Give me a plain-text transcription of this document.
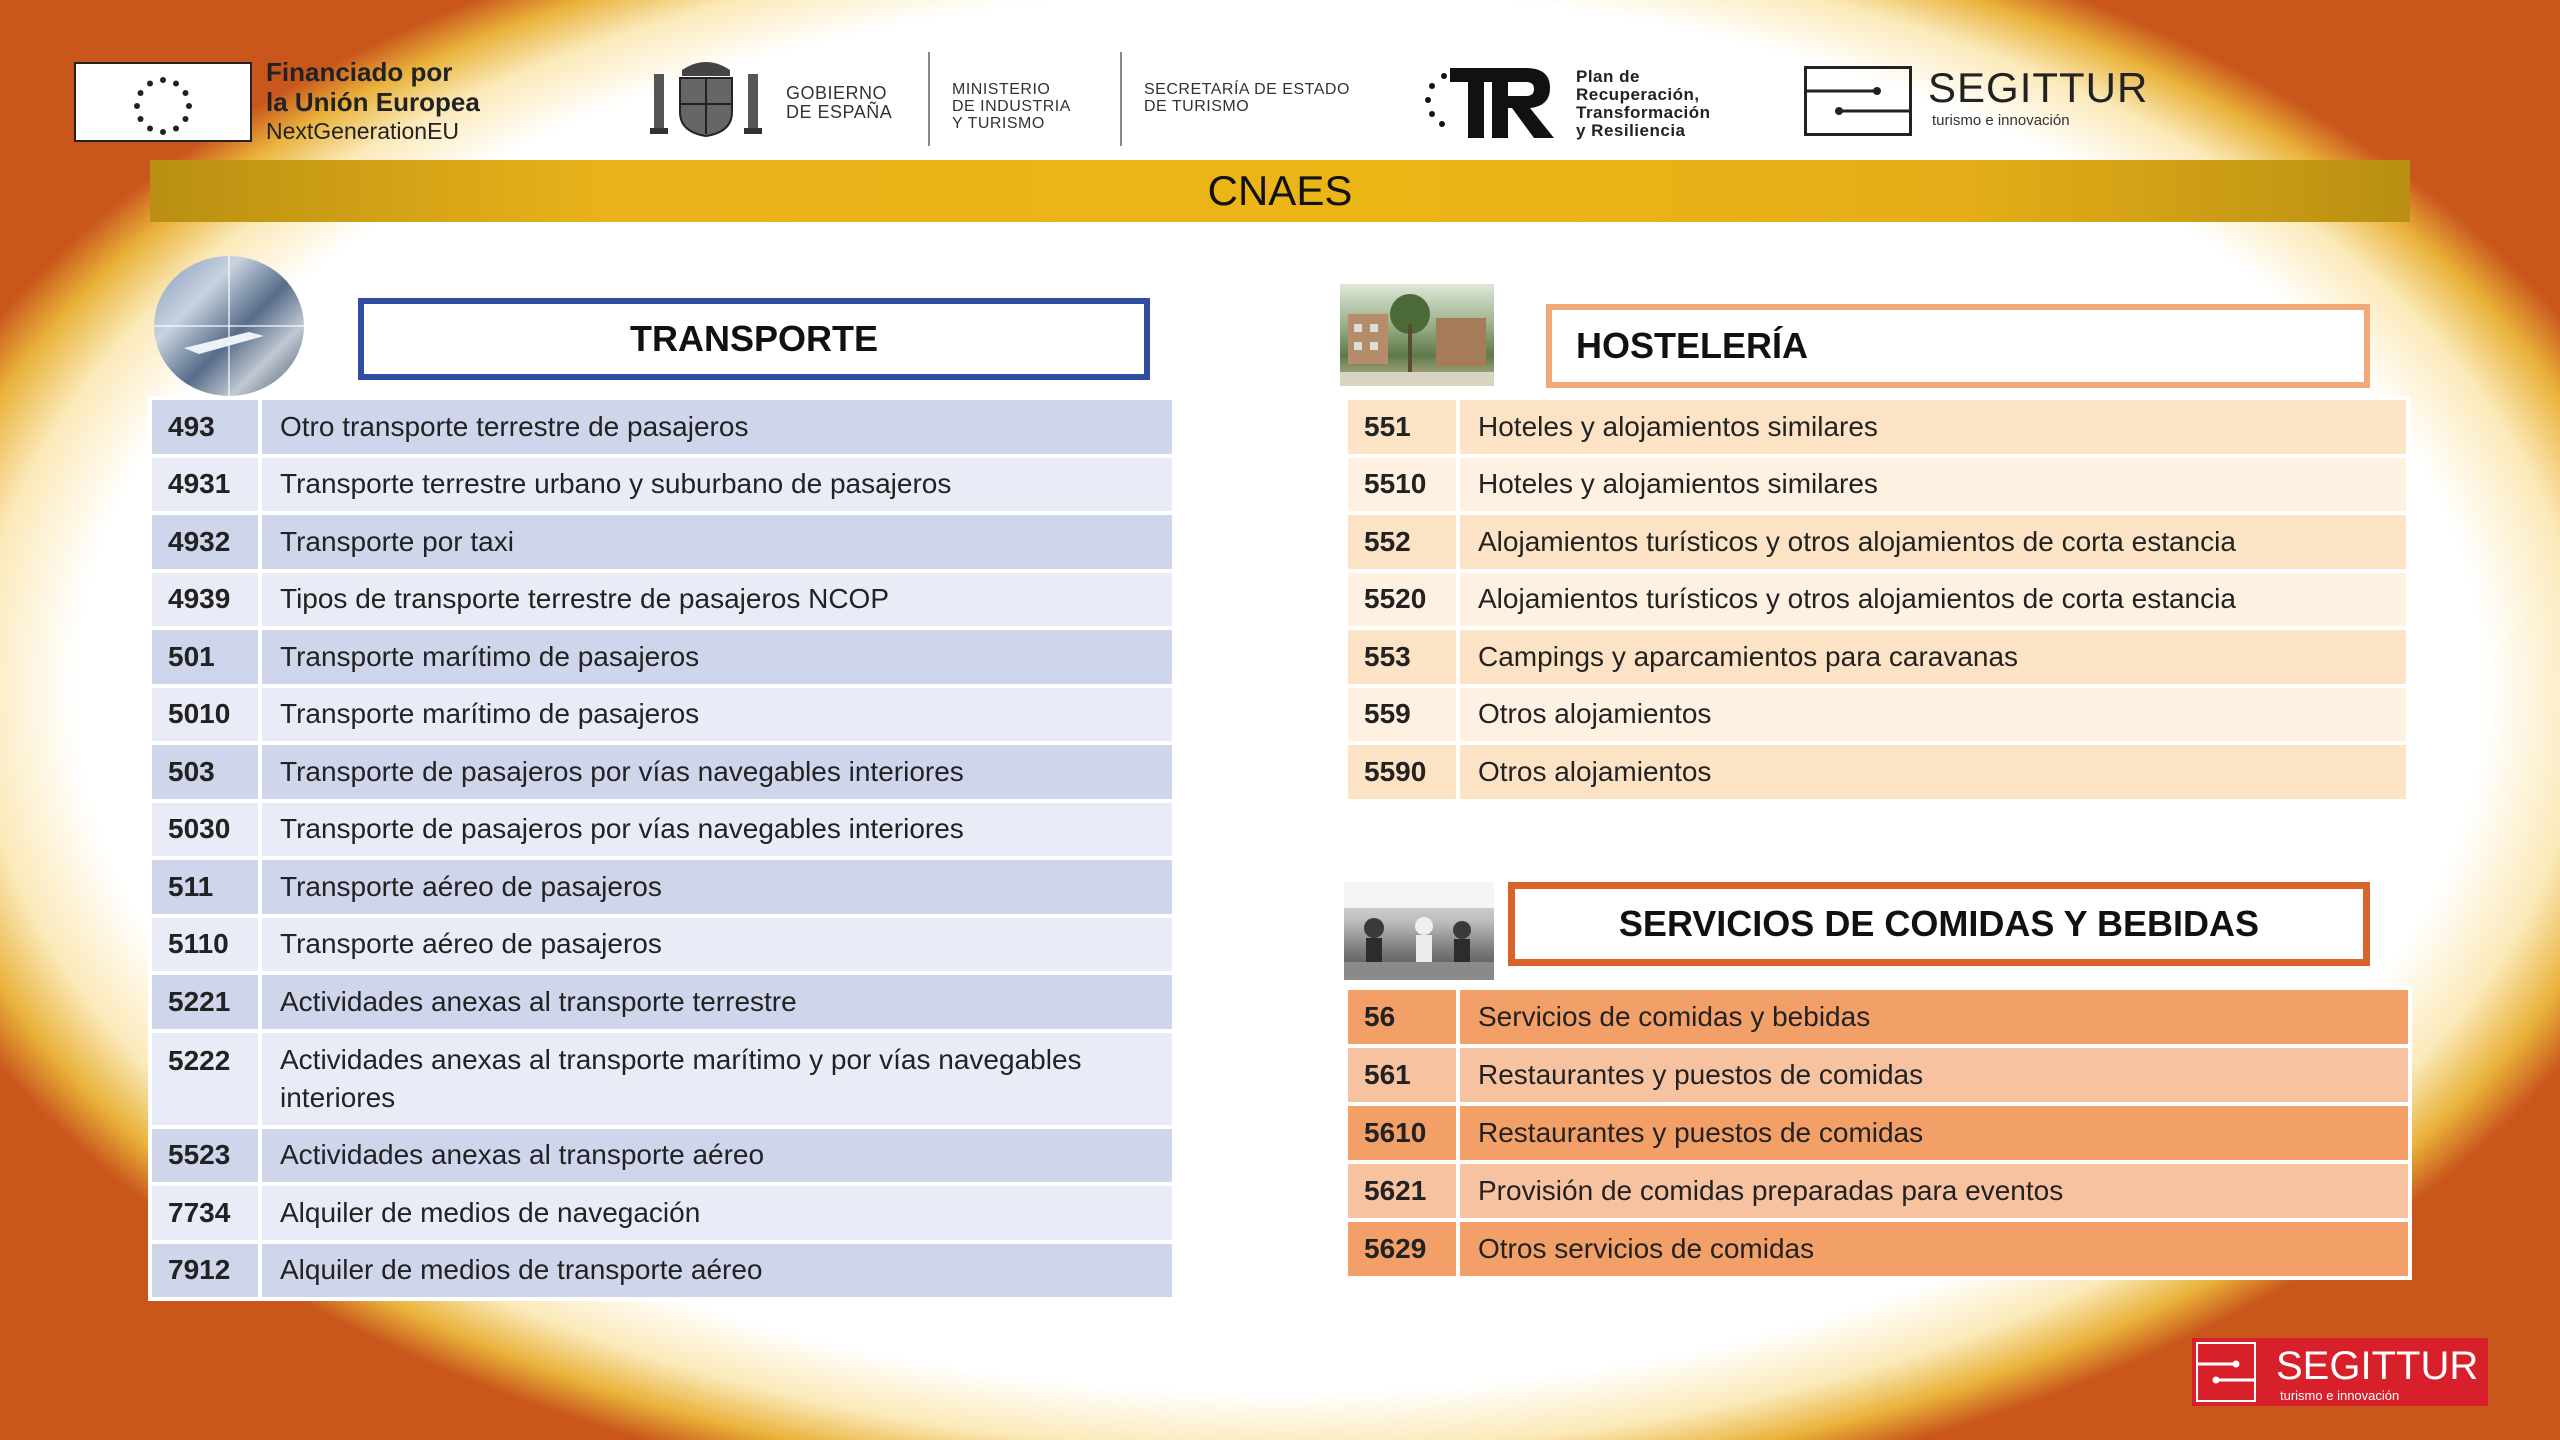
Financiado por
la Unión Europea
NextGenerationEU
GOBIERNO
DE ESPAÑA
MINISTERIO
DE INDUSTRIA
Y TURISMO
SECRETARÍA DE ESTADO
DE TURISMO
Plan de
Recuperación,
Transformación
y Resiliencia
SEGITTUR
turismo e innovación
CNAES
TRANSPORTE
493	Otro transporte terrestre de pasajeros
4931	Transporte terrestre urbano y suburbano de pasajeros
4932	Transporte por taxi
4939	Tipos de transporte terrestre de pasajeros NCOP
501	Transporte marítimo de pasajeros
5010	Transporte marítimo de pasajeros
503	Transporte de pasajeros por vías navegables interiores
5030	Transporte de pasajeros por vías navegables interiores
511	Transporte aéreo de pasajeros
5110	Transporte aéreo de pasajeros
5221	Actividades anexas al transporte terrestre
5222	Actividades anexas al transporte marítimo y por vías navegables interiores
5523	Actividades anexas al transporte aéreo
7734	Alquiler de medios de navegación
7912	Alquiler de medios de transporte aéreo
HOSTELERÍA
551	Hoteles y alojamientos similares
5510	Hoteles y alojamientos similares
552	Alojamientos turísticos y otros alojamientos de corta estancia
5520	Alojamientos turísticos y otros alojamientos de corta estancia
553	Campings y aparcamientos para caravanas
559	Otros alojamientos
5590	Otros alojamientos
SERVICIOS DE COMIDAS Y BEBIDAS
56	Servicios de comidas y bebidas
561	Restaurantes y puestos de comidas
5610	Restaurantes y puestos de comidas
5621	Provisión de comidas preparadas para eventos
5629	Otros servicios de comidas
SEGITTUR
turismo e innovación
